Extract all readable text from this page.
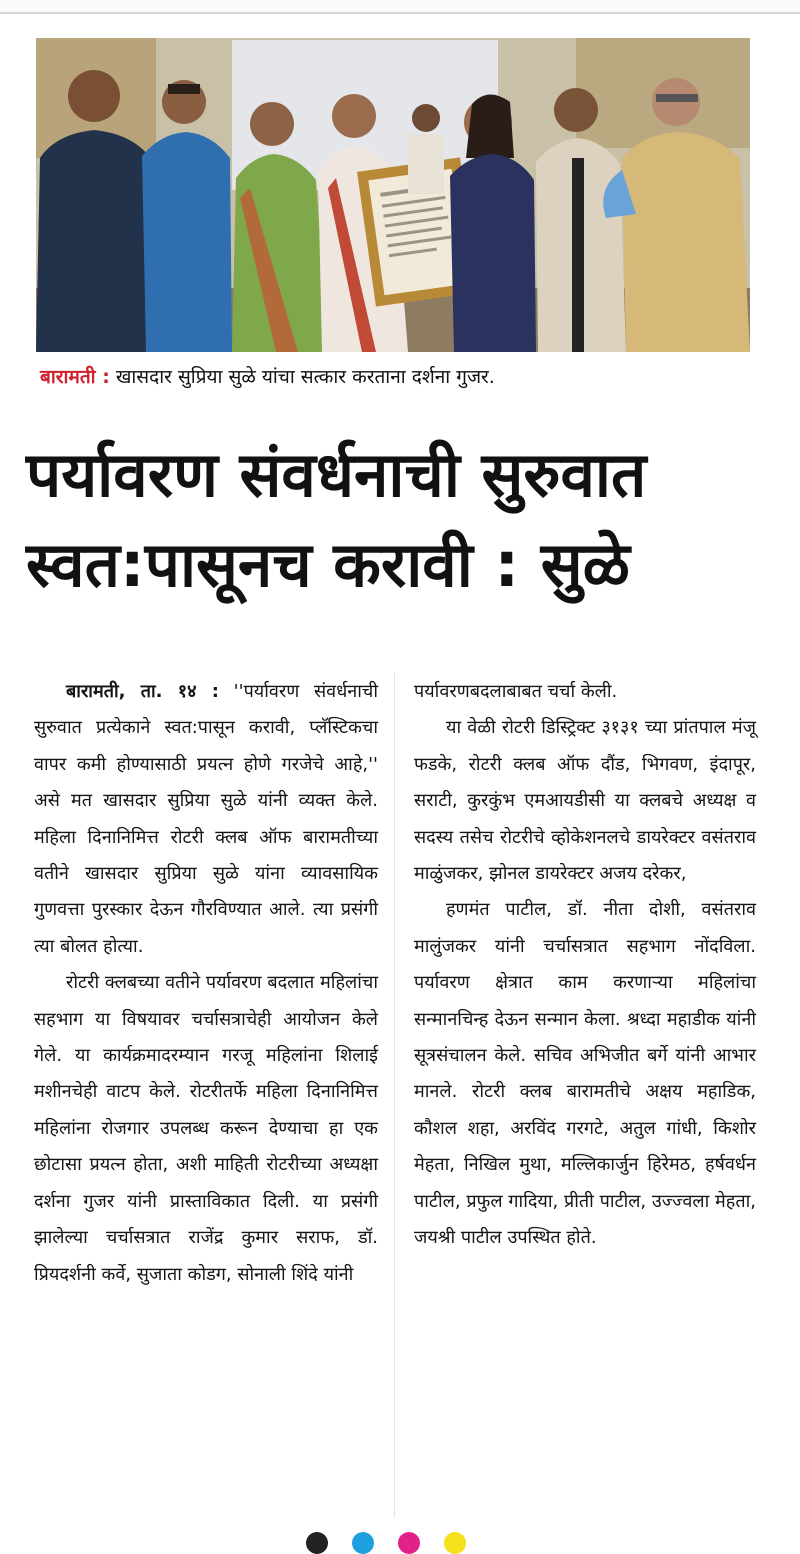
बारामती : खासदार सुप्रिया सुळे यांचा सत्कार करताना दर्शना गुजर.
पर्यावरण संवर्धनाची सुरुवात
स्वत:पासूनच करावी : सुळे

बारामती, ता. १४ : ''पर्यावरण संवर्धनाची सुरुवात प्रत्येकाने स्वत:पासून करावी, प्लॅस्टिकचा वापर कमी होण्यासाठी प्रयत्न होणे गरजेचे आहे,'' असे मत खासदार सुप्रिया सुळे यांनी व्यक्त केले. महिला दिनानिमित्त रोटरी क्लब ऑफ बारामतीच्या वतीने खासदार सुप्रिया सुळे यांना व्यावसायिक गुणवत्ता पुरस्कार देऊन गौरविण्यात आले. त्या प्रसंगी त्या बोलत होत्या.

रोटरी क्लबच्या वतीने पर्यावरण बदलात महिलांचा सहभाग या विषयावर चर्चासत्राचेही आयोजन केले गेले. या कार्यक्रमादरम्यान गरजू महिलांना शिलाई मशीनचेही वाटप केले. रोटरीतर्फे महिला दिनानिमित्त महिलांना रोजगार उपलब्ध करून देण्याचा हा एक छोटासा प्रयत्न होता, अशी माहिती रोटरीच्या अध्यक्षा दर्शना गुजर यांनी प्रास्ताविकात दिली. या प्रसंगी झालेल्या चर्चासत्रात राजेंद्र कुमार सराफ, डॉ. प्रियदर्शनी कर्वे, सुजाता कोडग, सोनाली शिंदे यांनी

पर्यावरणबदलाबाबत चर्चा केली.

या वेळी रोटरी डिस्ट्रिक्ट ३१३१ च्या प्रांतपाल मंजू फडके, रोटरी क्लब ऑफ दौंड, भिगवण, इंदापूर, सराटी, कुरकुंभ एमआयडीसी या क्लबचे अध्यक्ष व सदस्य तसेच रोटरीचे व्होकेशनलचे डायरेक्टर वसंतराव माळुंजकर, झोनल डायरेक्टर अजय दरेकर,

हणमंत पाटील, डॉ. नीता दोशी, वसंतराव मालुंजकर यांनी चर्चासत्रात सहभाग नोंदविला. पर्यावरण क्षेत्रात काम करणाऱ्या महिलांचा सन्मानचिन्ह देऊन सन्मान केला. श्रध्दा महाडीक यांनी सूत्रसंचालन केले. सचिव अभिजीत बर्गे यांनी आभार मानले. रोटरी क्लब बारामतीचे अक्षय महाडिक, कौशल शहा, अरविंद गरगटे, अतुल गांधी, किशोर मेहता, निखिल मुथा, मल्लिकार्जुन हिरेमठ, हर्षवर्धन पाटील, प्रफुल गादिया, प्रीती पाटील, उज्ज्वला मेहता, जयश्री पाटील उपस्थित होते.
